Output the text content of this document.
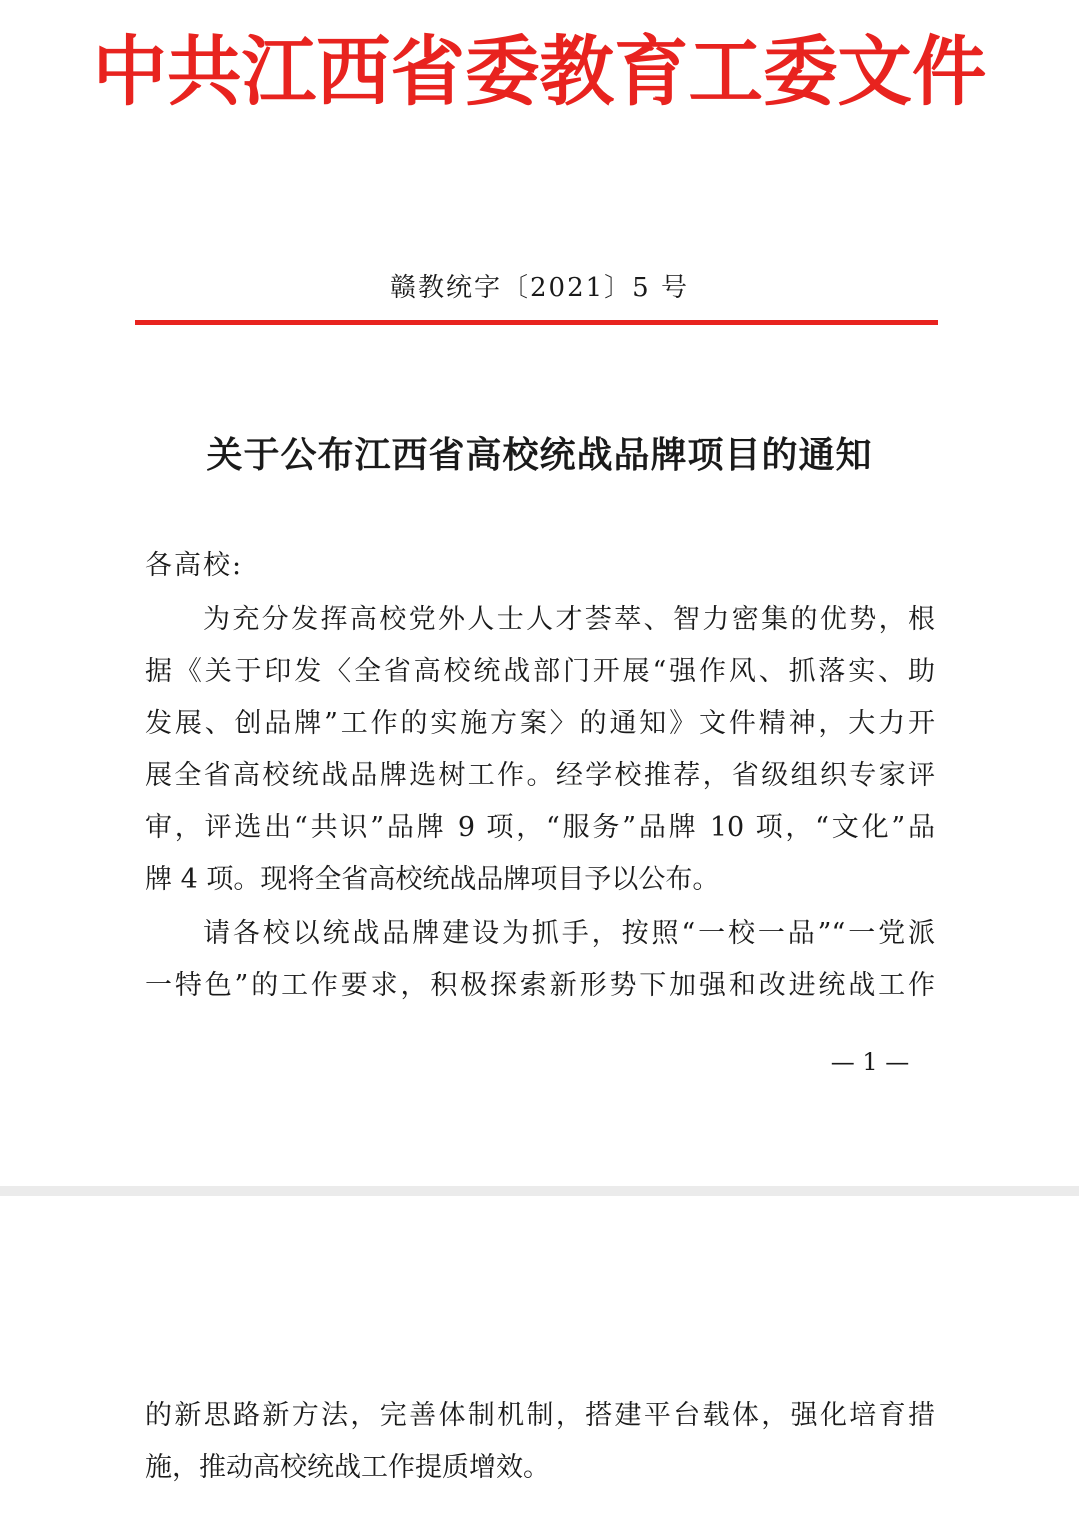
中共江西省委教育工委文件
赣教统字〔2021〕5 号
关于公布江西省高校统战品牌项目的通知
各高校:
为充分发挥高校党外人士人才荟萃、智力密集的优势，根
据《关于印发〈全省高校统战部门开展“强作风、抓落实、助
发展、创品牌”工作的实施方案〉的通知》文件精神，大力开
展全省高校统战品牌选树工作。经学校推荐，省级组织专家评
审，评选出“共识”品牌 9 项，“服务”品牌 10 项，“文化”品
牌 4 项。现将全省高校统战品牌项目予以公布。
请各校以统战品牌建设为抓手，按照“一校一品”“一党派
一特色”的工作要求，积极探索新形势下加强和改进统战工作
— 1 —
的新思路新方法，完善体制机制，搭建平台载体，强化培育措
施，推动高校统战工作提质增效。
